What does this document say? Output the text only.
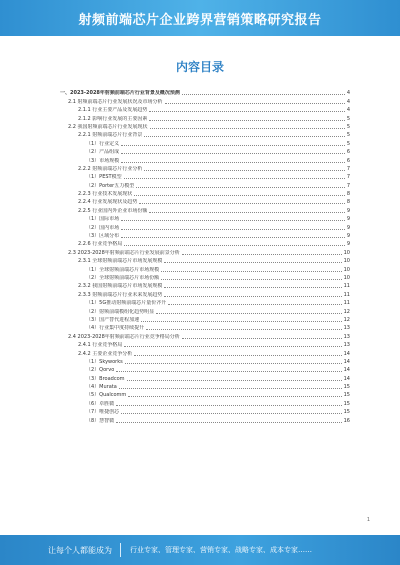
射频前端芯片企业跨界营销策略研究报告
内容目录
一、2023-2028年射频前端芯片行业背景及概况预测	4
2.1 射频前端芯片行业发展状况及市场分析	4
2.1.1 行业主要产品及发展趋势	4
2.1.2 影响行业发展的主要因素	5
2.2 我国射频前端芯片行业发展现状	5
2.2.1 射频前端芯片行业背景	5
（1）行业定义	5
（2）产品组成	6
（3）市场规模	6
2.2.2 射频前端芯片行业分析	7
（1）PEST模型	7
（2）Porter五力模型	7
2.2.3 行业技术发展现状	8
2.2.4 行业发展现状及趋势	8
2.2.5 行业国内外企业市场份额	9
（1）国际市场	9
（2）国内市场	9
（3）区域分布	9
2.2.6 行业竞争格局	9
2.3 2023-2028年射频前端芯片行业发展前景分析	10
2.3.1 全球射频前端芯片市场发展规模	10
（1）全球射频前端芯片市场规模	10
（2）全球射频前端芯片市场份额	10
2.3.2 我国射频前端芯片市场发展规模	11
2.3.3 射频前端芯片行业未来发展趋势	11
（1）5G推动射频前端芯片量价齐升	11
（2）射频前端模组化趋势明显	12
（3）国产替代进程加速	12
（4）行业集中度持续提升	13
2.4 2023-2028年射频前端芯片行业竞争格局分析	13
2.4.1 行业竞争格局	13
2.4.2 主要企业竞争分析	14
（1）Skyworks	14
（2）Qorvo	14
（3）Broadcom	14
（4）Murata	15
（5）Qualcomm	15
（6）卓胜微	15
（7）唯捷创芯	15
（8）慧智微	16
1
让每个人都能成为	行业专家、管理专家、营销专家、战略专家、成本专家……
